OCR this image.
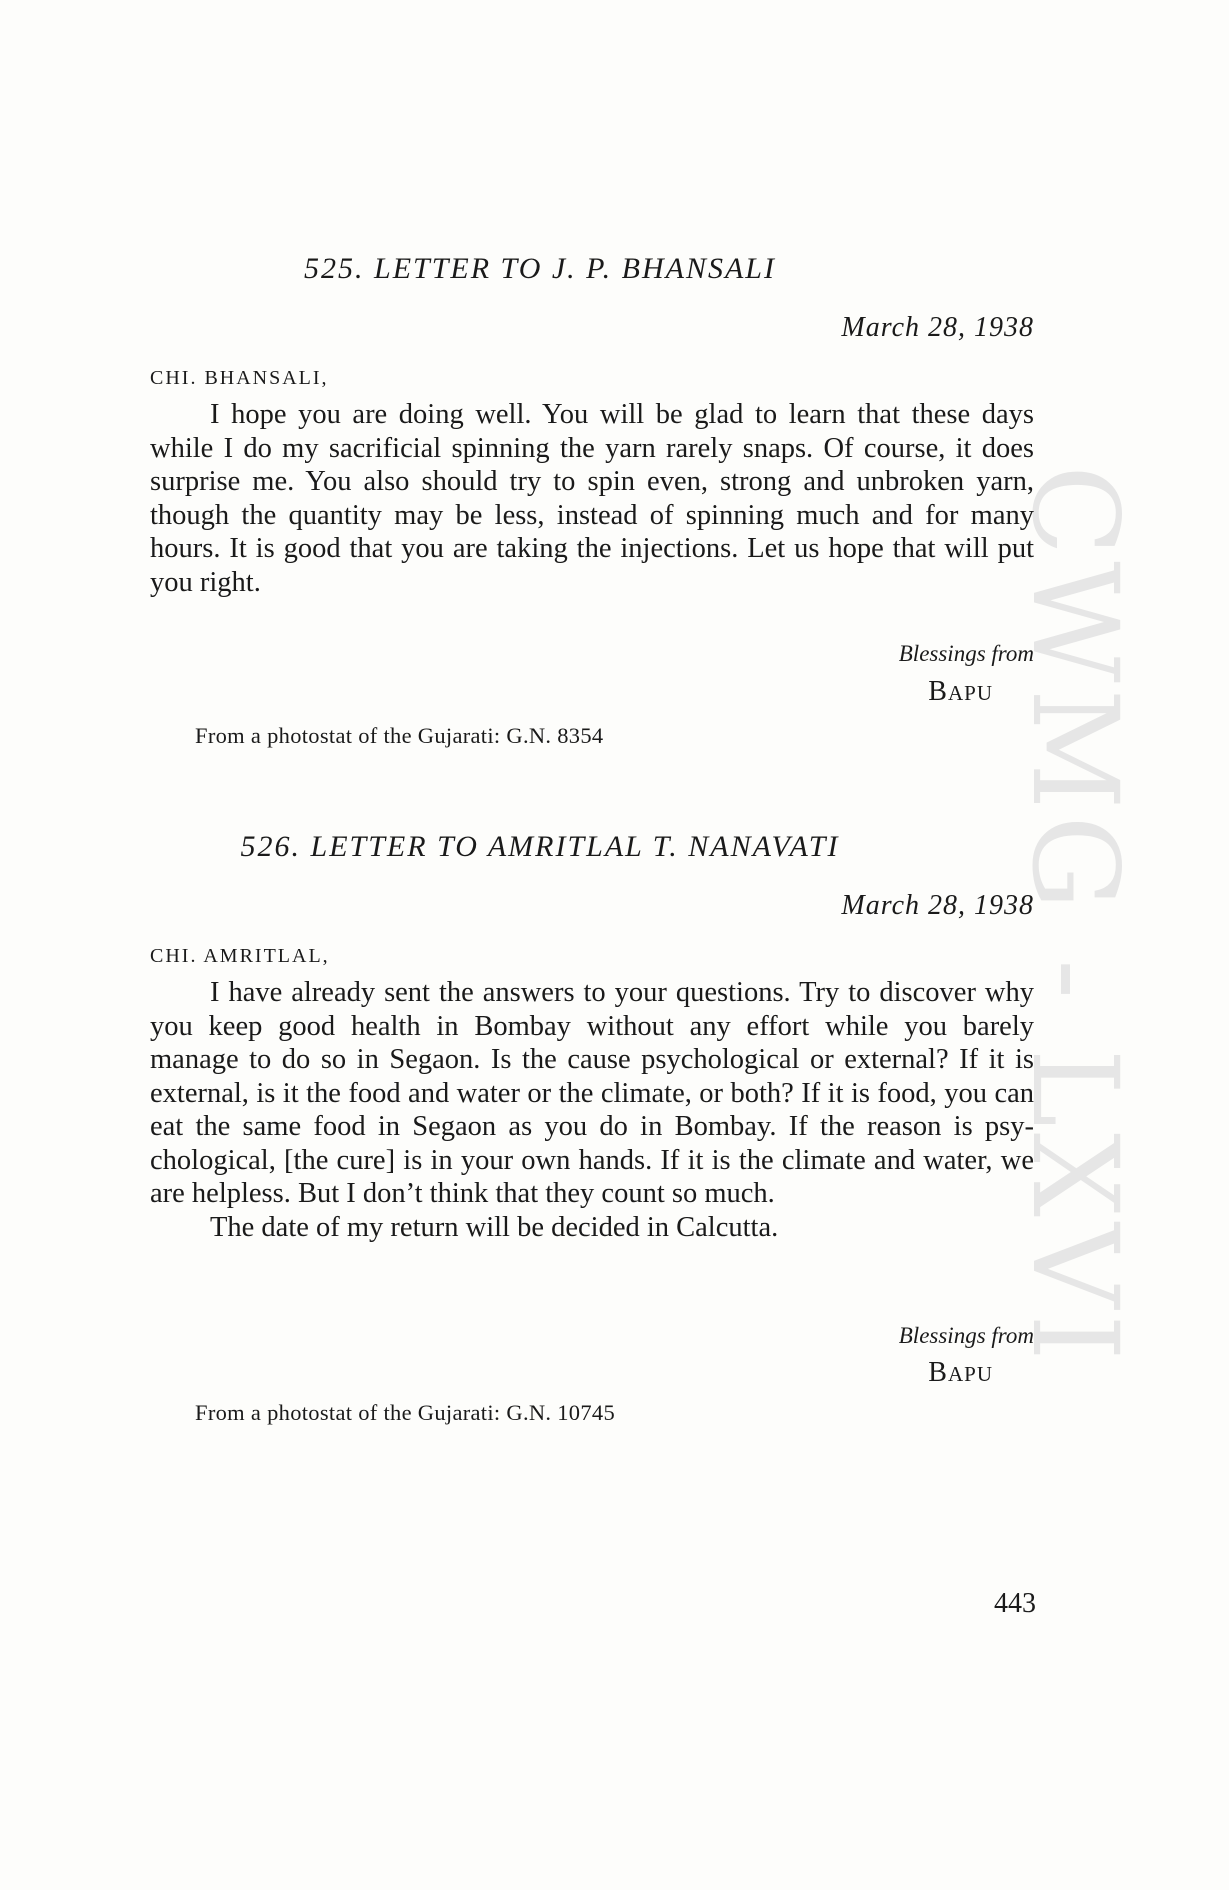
CWMG - LXVI
525. LETTER TO J. P. BHANSALI
March 28, 1938
CHI. BHANSALI,

I hope you are doing well. You will be glad to learn that these days while I do my sacrificial spinning the yarn rarely snaps. Of course, it does surprise me. You also should try to spin even, strong and unbroken yarn, though the quantity may be less, instead of spinning much and for many hours. It is good that you are taking the injections. Let us hope that will put you right.

Blessings from
BAPU
From a photostat of the Gujarati: G.N. 8354
526. LETTER TO AMRITLAL T. NANAVATI
March 28, 1938
CHI. AMRITLAL,

I have already sent the answers to your questions. Try to discover why you keep good health in Bombay without any effort while you barely manage to do so in Segaon. Is the cause psychological or external? If it is external, is it the food and water or the climate, or both? If it is food, you can eat the same food in Segaon as you do in Bombay. If the reason is psy-chological, [the cure] is in your own hands. If it is the climate and water, we are helpless. But I don’t think that they count so much.

The date of my return will be decided in Calcutta.

Blessings from
BAPU
From a photostat of the Gujarati: G.N. 10745
443
